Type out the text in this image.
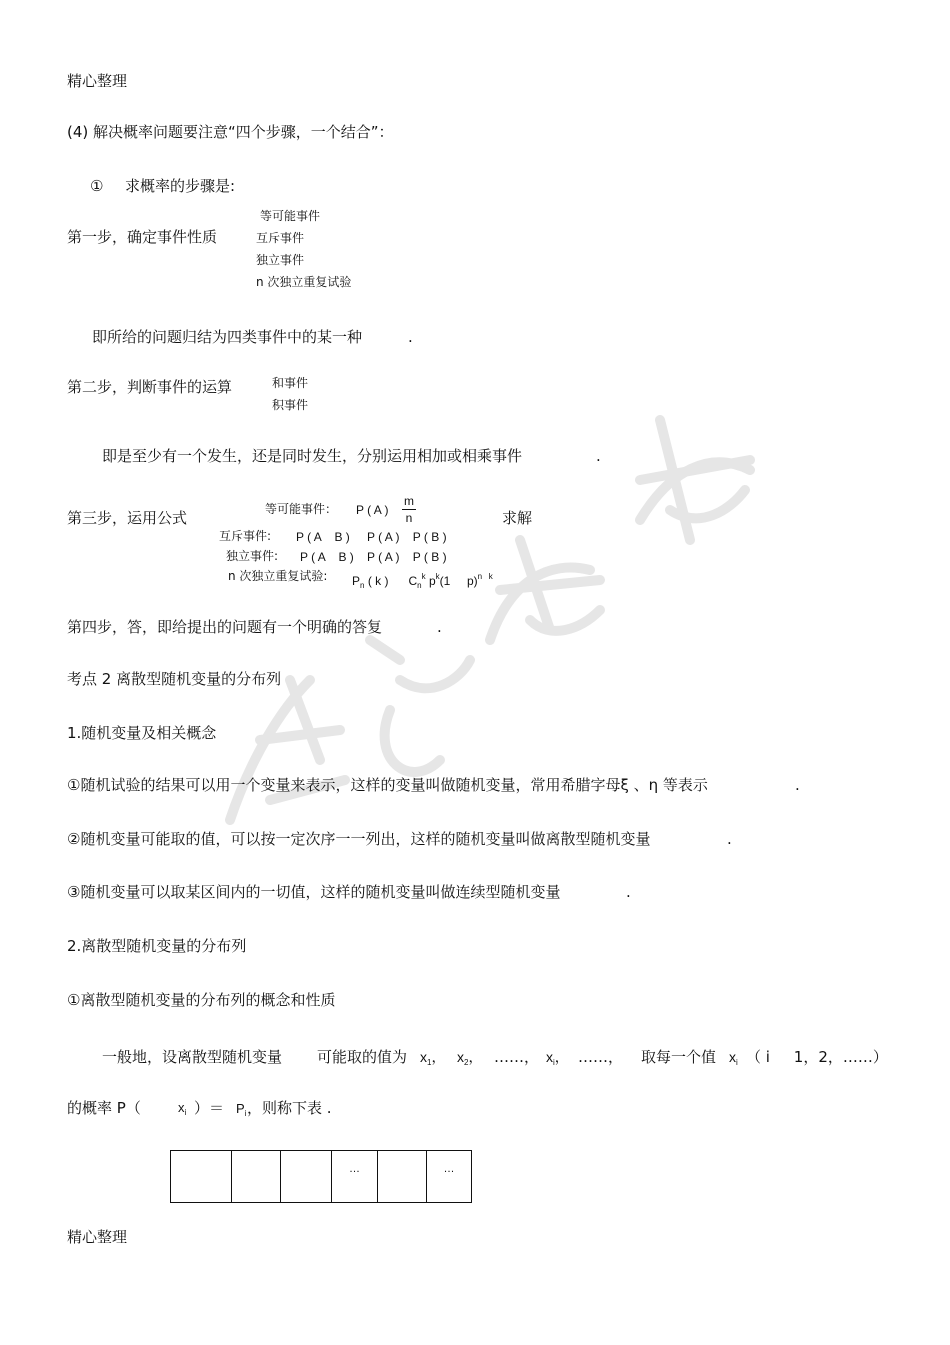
精心整理
(4) 解决概率问题要注意“四个步骤，一个结合”：
① 求概率的步骤是:
第一步，确定事件性质
等可能事件
互斥事件
独立事件
n 次独立重复试验
即所给的问题归结为四类事件中的某一种	.
第二步，判断事件的运算	和事件
积事件
即是至少有一个发生，还是同时发生，分别运用相加或相乘事件	.
第三步，运用公式	求解
等可能事件： P ( A )
m
n
互斥事件: P ( A    B ) P ( A )    P ( B )
独立事件: P ( A    B ) P ( A )    P ( B )
n 次独立重复试验: $P_n$ ( k ) $C_n^k$ $p^k(1$     p)$^{n k}$
第四步，答，即给提出的问题有一个明确的答复	.
考点 2 离散型随机变量的分布列
1.随机变量及相关概念
①随机试验的结果可以用一个变量来表示，这样的变量叫做随机变量，常用希腊字母ξ 、η 等表示	.
②随机变量可能取的值，可以按一定次序一一列出，这样的随机变量叫做离散型随机变量	.
③随机变量可以取某区间内的一切值，这样的随机变量叫做连续型随机变量	.
2.离散型随机变量的分布列
①离散型随机变量的分布列的概念和性质
一般地，设离散型随机变量 可能取的值为 $x_1$， $x_2$， ……， $x_i$， ……， 取每一个值 $x_i$ （ i     1，2，……）
的概率 P（	$x_i$ ）＝ $P_i$ ，则称下表 .
			…		…
精心整理
